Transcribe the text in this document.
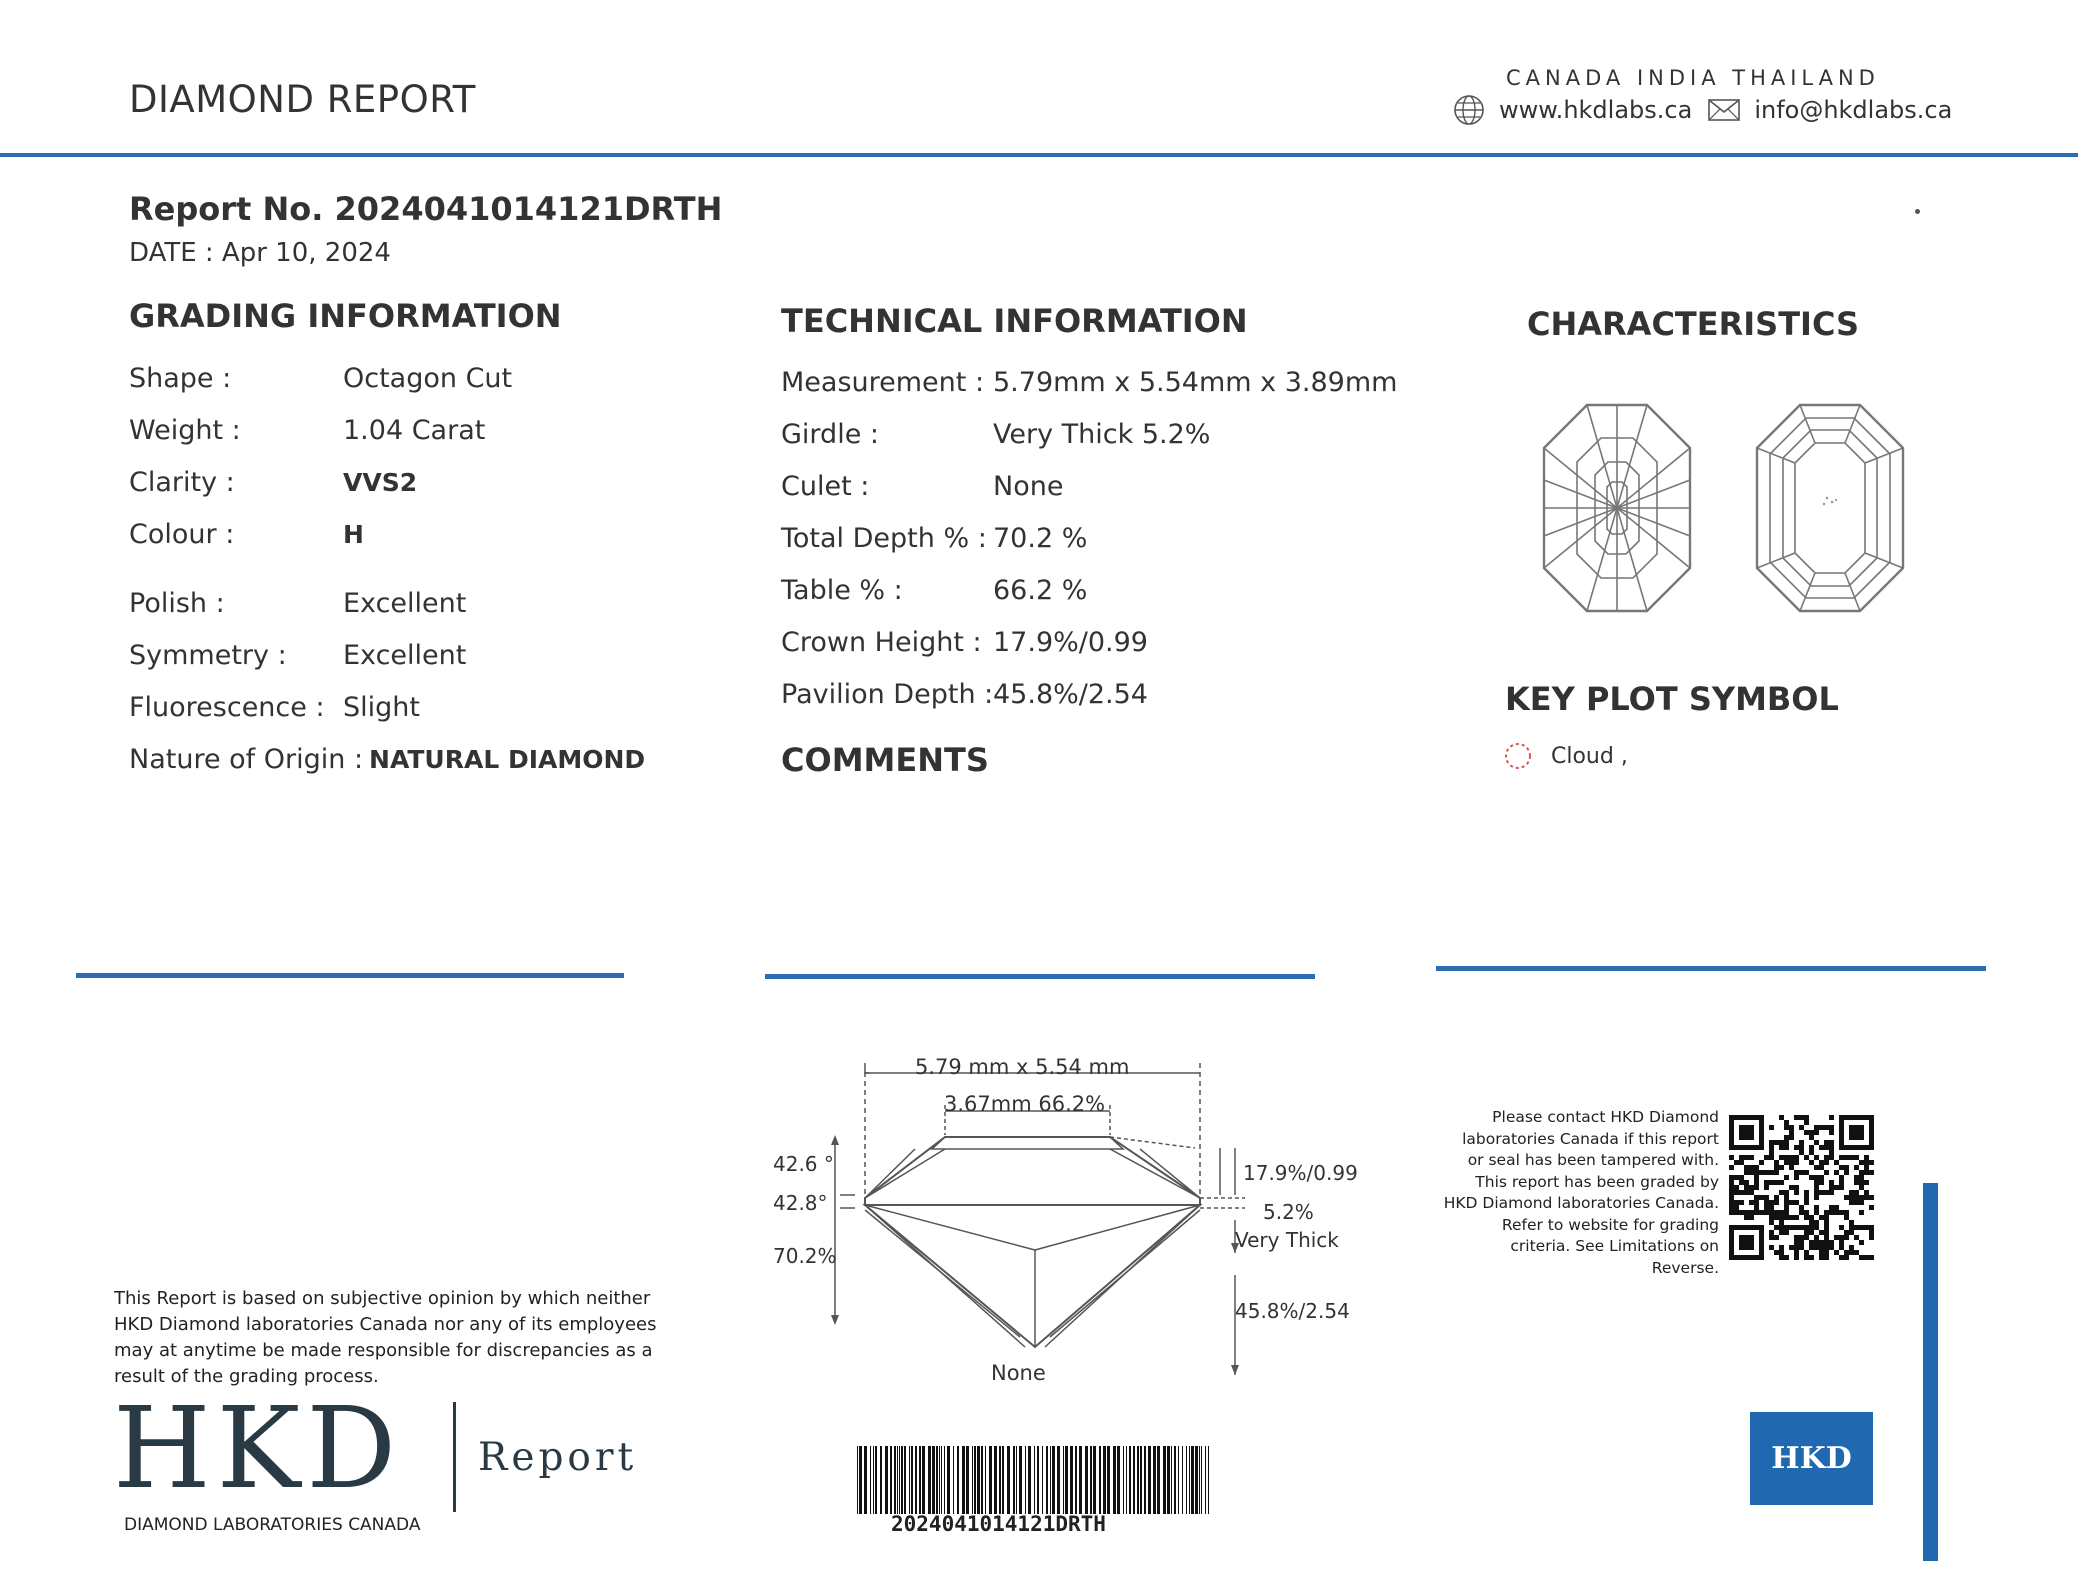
DIAMOND REPORT	CANADA INDIA THAILAND
www.hkdlabs.ca	info@hkdlabs.ca
Report No. 2024041014121DRTH
DATE : Apr 10, 2024
GRADING INFORMATION
Shape :	Octagon Cut
Weight :	1.04 Carat
Clarity :	VVS2
Colour :	H
Polish :	Excellent
Symmetry :	Excellent
Fluorescence : Slight
Nature of Origin : NATURAL DIAMOND
TECHNICAL INFORMATION
Measurement : 5.79mm x 5.54mm x 3.89mm
Girdle :	Very Thick 5.2%
Culet :	None
Total Depth % : 70.2 %
Table % :	66.2 %
Crown Height : 17.9%/0.99
Pavilion Depth : 45.8%/2.54
COMMENTS
CHARACTERISTICS
KEY PLOT SYMBOL
Cloud ,
5.79 mm x 5.54 mm
3.67mm 66.2%
42.6 °
42.8°
70.2%
17.9%/0.99
5.2%
Very Thick
45.8%/2.54
None
2024041014121DRTH
This Report is based on subjective opinion by which neither HKD Diamond laboratories Canada nor any of its employees may at anytime be made responsible for discrepancies as a result of the grading process.
HKD Report
DIAMOND LABORATORIES CANADA
Please contact HKD Diamond laboratories Canada if this report or seal has been tampered with. This report has been graded by HKD Diamond laboratories Canada. Refer to website for grading criteria. See Limitations on Reverse.
HKD
